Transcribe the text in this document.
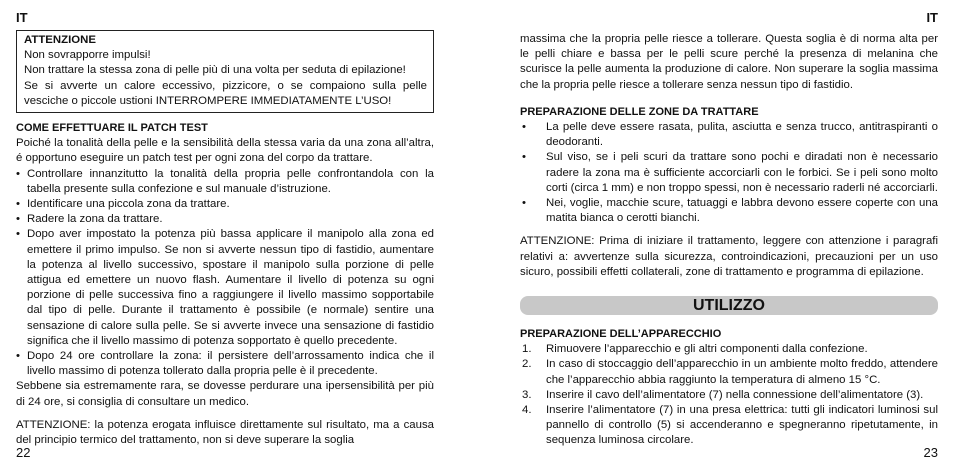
IT
ATTENZIONE
Non sovrapporre impulsi!
Non trattare la stessa zona di pelle più di una volta per seduta di epilazione!
Se si avverte un calore eccessivo, pizzicore, o se compaiono sulla pelle vesciche o piccole ustioni INTERROMPERE IMMEDIATAMENTE L’USO!
COME EFFETTUARE IL PATCH TEST

Poiché la tonalità della pelle e la sensibilità della stessa varia da una zona all’altra, é opportuno eseguire un patch test per ogni zona del corpo da trattare.

• Controllare innanzitutto la tonalità della propria pelle confrontandola con la tabella presente sulla confezione e sul manuale d’istruzione.
• Identificare una piccola zona da trattare.
• Radere la zona da trattare.
• Dopo aver impostato la potenza più bassa applicare il manipolo alla zona ed emettere il primo impulso. Se non si avverte nessun tipo di fastidio, aumentare la potenza al livello successivo, spostare il manipolo sulla porzione di pelle attigua ed emettere un nuovo flash. Aumentare il livello di potenza su ogni porzione di pelle successiva fino a raggiungere il livello massimo sopportabile dal tipo di pelle. Durante il trattamento è possibile (e normale) sentire una sensazione di calore sulla pelle. Se si avverte invece una sensazione di fastidio significa che il livello massimo di potenza sopportato è quello precedente.
• Dopo 24 ore controllare la zona: il persistere dell’arrossamento indica che il livello massimo di potenza tollerato dalla propria pelle è il precedente.

Sebbene sia estremamente rara, se dovesse perdurare una ipersensibilità per più di 24 ore, si consiglia di consultare un medico.

ATTENZIONE: la potenza erogata influisce direttamente sul risultato, ma a causa del principio termico del trattamento, non si deve superare la soglia

22
IT

massima che la propria pelle riesce a tollerare. Questa soglia è di norma alta per le pelli chiare e bassa per le pelli scure perché la presenza di melanina che scurisce la pelle aumenta la produzione di calore. Non superare la soglia massima che la propria pelle riesce a tollerare senza nessun tipo di fastidio.

PREPARAZIONE DELLE ZONE DA TRATTARE
• La pelle deve essere rasata, pulita, asciutta e senza trucco, antitraspiranti o deodoranti.
• Sul viso, se i peli scuri da trattare sono pochi e diradati non è necessario radere la zona ma è sufficiente accorciarli con le forbici. Se i peli sono molto corti (circa 1 mm) e non troppo spessi, non è necessario raderli né accorciarli.
• Nei, voglie, macchie scure, tatuaggi e labbra devono essere coperte con una matita bianca o cerotti bianchi.

ATTENZIONE: Prima di iniziare il trattamento, leggere con attenzione i paragrafi relativi a: avvertenze sulla sicurezza, controindicazioni, precauzioni per un uso sicuro, possibili effetti collaterali, zone di trattamento e programma di epilazione.

UTILIZZO
PREPARAZIONE DELL’APPARECCHIO
1. Rimuovere l’apparecchio e gli altri componenti dalla confezione.
2. In caso di stoccaggio dell’apparecchio in un ambiente molto freddo, attendere che l’apparecchio abbia raggiunto la temperatura di almeno 15 °C.
3. Inserire il cavo dell’alimentatore (7) nella connessione dell’alimentatore (3).
4. Inserire l’alimentatore (7) in una presa elettrica: tutti gli indicatori luminosi sul pannello di controllo (5) si accenderanno e spegneranno ripetutamente, in sequenza luminosa circolare.
23
